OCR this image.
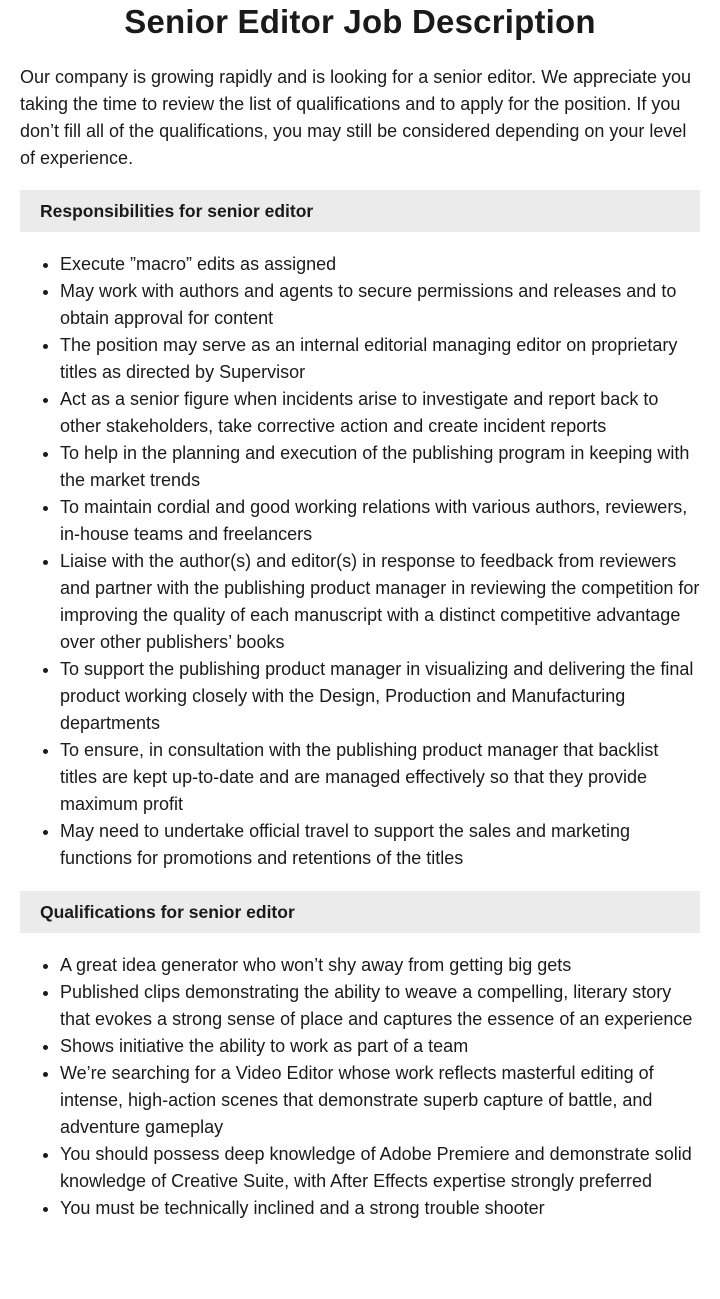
Senior Editor Job Description

Our company is growing rapidly and is looking for a senior editor. We appreciate you taking the time to review the list of qualifications and to apply for the position. If you don’t fill all of the qualifications, you may still be considered depending on your level of experience.

Responsibilities for senior editor
• Execute ”macro” edits as assigned
• May work with authors and agents to secure permissions and releases and to obtain approval for content
• The position may serve as an internal editorial managing editor on proprietary titles as directed by Supervisor
• Act as a senior figure when incidents arise to investigate and report back to other stakeholders, take corrective action and create incident reports
• To help in the planning and execution of the publishing program in keeping with the market trends
• To maintain cordial and good working relations with various authors, reviewers, in-house teams and freelancers
• Liaise with the author(s) and editor(s) in response to feedback from reviewers and partner with the publishing product manager in reviewing the competition for improving the quality of each manuscript with a distinct competitive advantage over other publishers’ books
• To support the publishing product manager in visualizing and delivering the final product working closely with the Design, Production and Manufacturing departments
• To ensure, in consultation with the publishing product manager that backlist titles are kept up-to-date and are managed effectively so that they provide maximum profit
• May need to undertake official travel to support the sales and marketing functions for promotions and retentions of the titles
Qualifications for senior editor
• A great idea generator who won’t shy away from getting big gets
• Published clips demonstrating the ability to weave a compelling, literary story that evokes a strong sense of place and captures the essence of an experience
• Shows initiative the ability to work as part of a team
• We’re searching for a Video Editor whose work reflects masterful editing of intense, high-action scenes that demonstrate superb capture of battle, and adventure gameplay
• You should possess deep knowledge of Adobe Premiere and demonstrate solid knowledge of Creative Suite, with After Effects expertise strongly preferred
• You must be technically inclined and a strong trouble shooter
